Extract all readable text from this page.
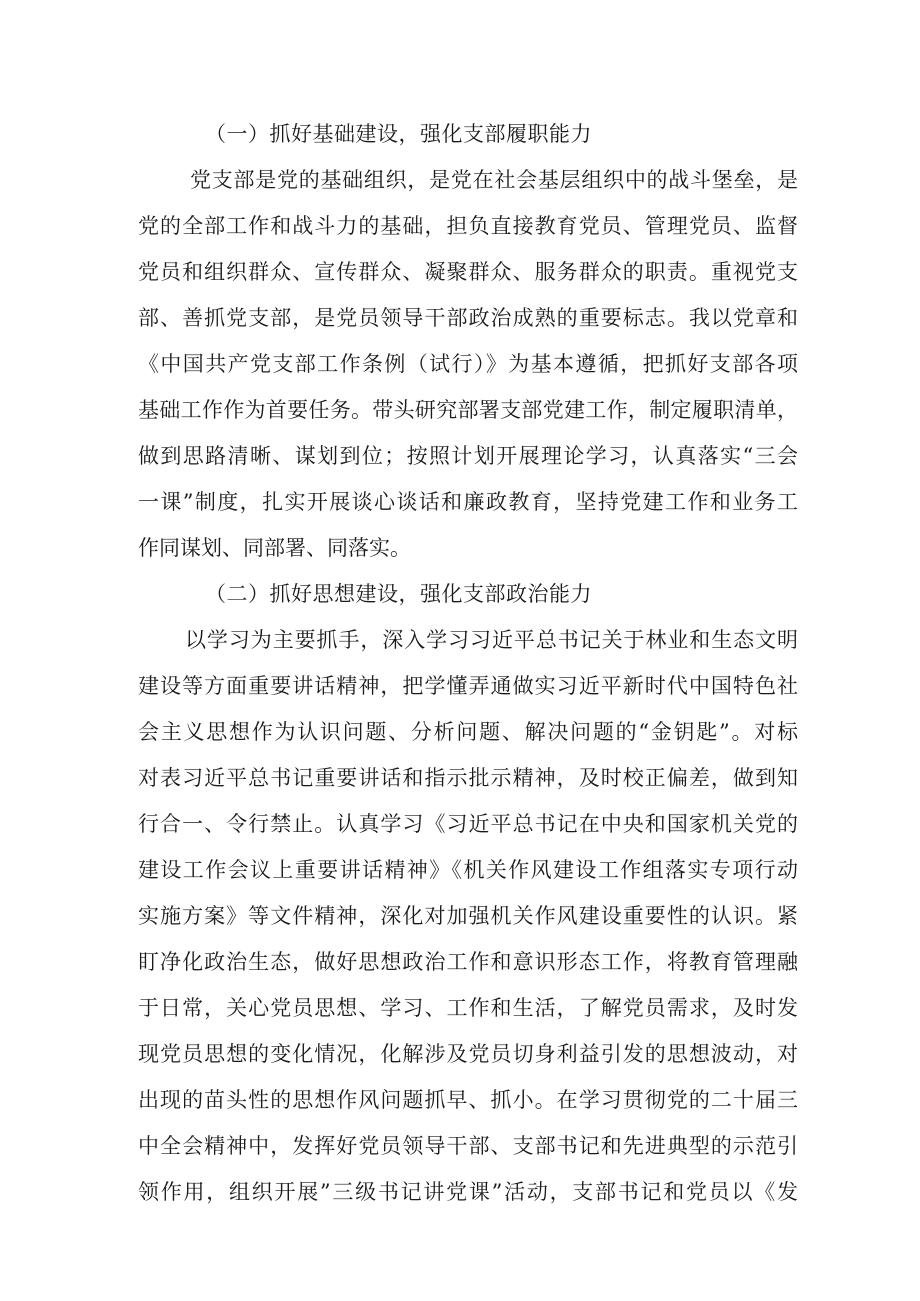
（一）抓好基础建设，强化支部履职能力
党支部是党的基础组织，是党在社会基层组织中的战斗堡垒，是
党的全部工作和战斗力的基础，担负直接教育党员、管理党员、监督
党员和组织群众、宣传群众、凝聚群众、服务群众的职责。重视党支
部、善抓党支部，是党员领导干部政治成熟的重要标志。我以党章和
《中国共产党支部工作条例（试行）》为基本遵循，把抓好支部各项
基础工作作为首要任务。带头研究部署支部党建工作，制定履职清单，
做到思路清晰、谋划到位；按照计划开展理论学习，认真落实“三会
一课”制度，扎实开展谈心谈话和廉政教育，坚持党建工作和业务工
作同谋划、同部署、同落实。
（二）抓好思想建设，强化支部政治能力
以学习为主要抓手，深入学习习近平总书记关于林业和生态文明
建设等方面重要讲话精神，把学懂弄通做实习近平新时代中国特色社
会主义思想作为认识问题、分析问题、解决问题的“金钥匙”。对标
对表习近平总书记重要讲话和指示批示精神，及时校正偏差，做到知
行合一、令行禁止。认真学习《习近平总书记在中央和国家机关党的
建设工作会议上重要讲话精神》《机关作风建设工作组落实专项行动
实施方案》等文件精神，深化对加强机关作风建设重要性的认识。紧
盯净化政治生态，做好思想政治工作和意识形态工作，将教育管理融
于日常，关心党员思想、学习、工作和生活，了解党员需求，及时发
现党员思想的变化情况，化解涉及党员切身利益引发的思想波动，对
出现的苗头性的思想作风问题抓早、抓小。在学习贯彻党的二十届三
中全会精神中，发挥好党员领导干部、支部书记和先进典型的示范引
领作用，组织开展”三级书记讲党课”活动，支部书记和党员以《发
